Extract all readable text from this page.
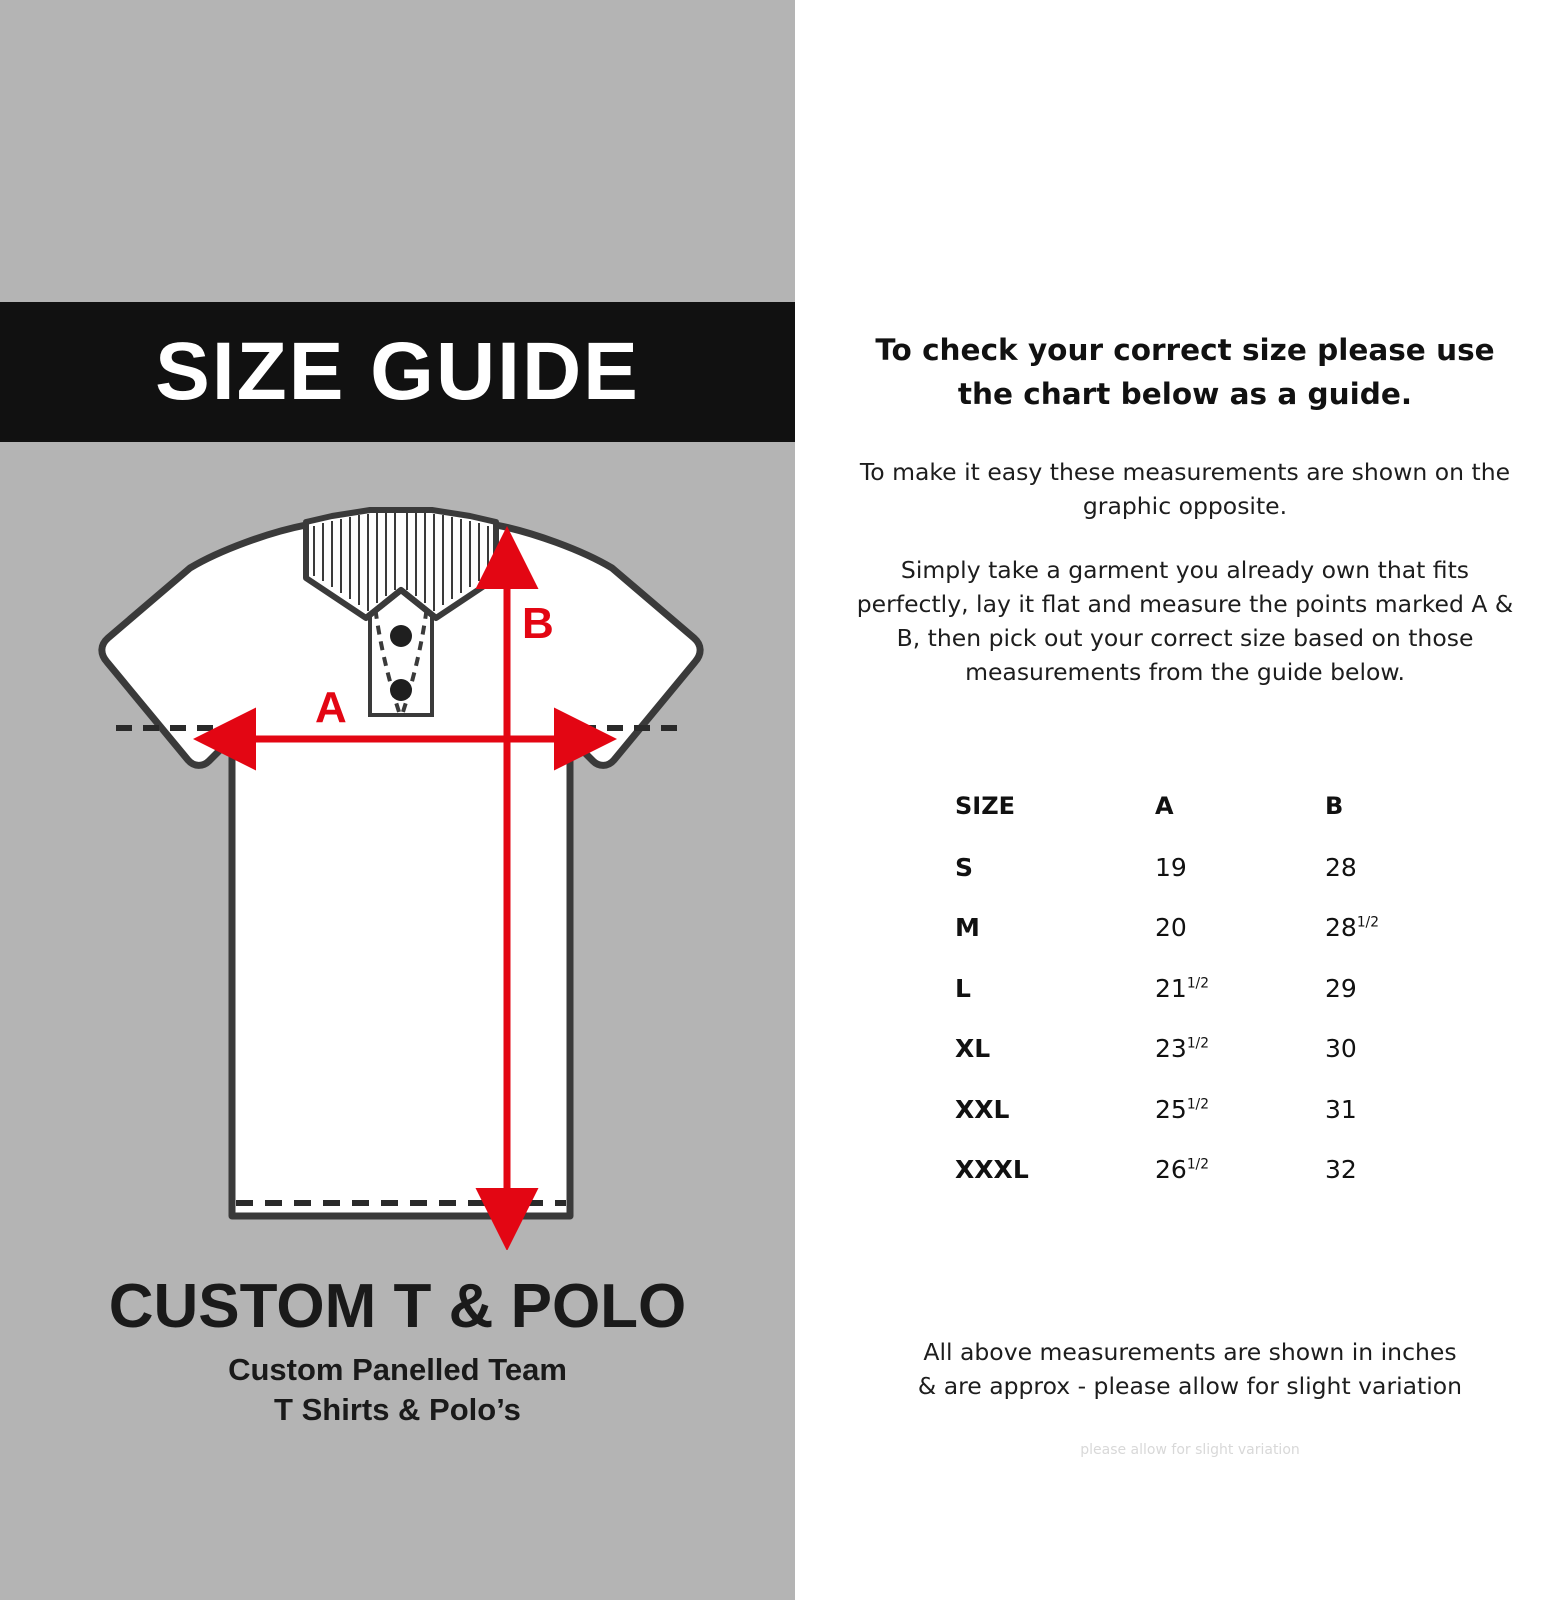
SIZE GUIDE
A
B
CUSTOM T & POLO
Custom Panelled Team
T Shirts & Polo’s
To check your correct size please use the chart below as a guide.
To make it easy these measurements are shown on the graphic opposite.
Simply take a garment you already own that fits perfectly, lay it flat and measure the points marked A & B, then pick out your correct size based on those measurements from the guide below.
SIZE	A	B
S	19	28
M	20	$28^{1/2}$
L	$21^{1/2}$	29
XL	$23^{1/2}$	30
XXL	$25^{1/2}$	31
XXXL	$26^{1/2}$	32
All above measurements are shown in inches
& are approx - please allow for slight variation
please allow for slight variation
